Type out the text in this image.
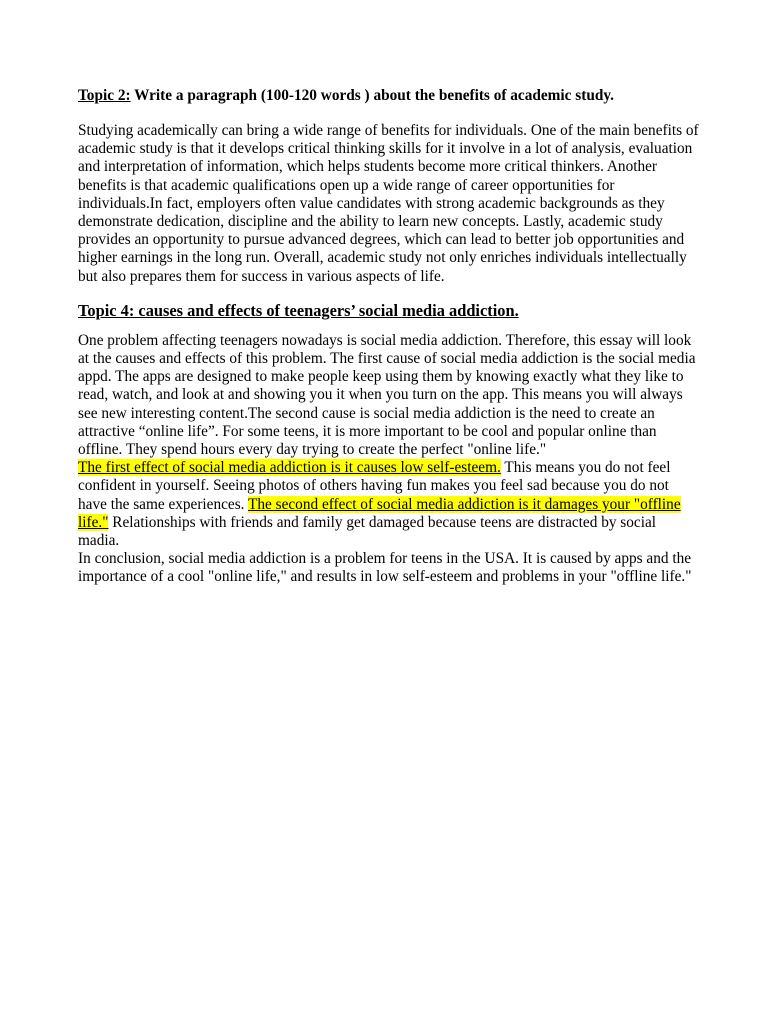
Topic 2: Write a paragraph (100-120 words ) about the benefits of academic study.

Studying academically can bring a wide range of benefits for individuals. One of the main benefits of academic study is that it develops critical thinking skills for it involve in a lot of analysis, evaluation and interpretation of information, which helps students become more critical thinkers. Another benefits is that academic qualifications open up a wide range of career opportunities for individuals.In fact, employers often value candidates with strong academic backgrounds as they demonstrate dedication, discipline and the ability to learn new concepts. Lastly, academic study provides an opportunity to pursue advanced degrees, which can lead to better job opportunities and higher earnings in the long run. Overall, academic study not only enriches individuals intellectually but also prepares them for success in various aspects of life.

Topic 4: causes and effects of teenagers’ social media addiction.

One problem affecting teenagers nowadays is social media addiction. Therefore, this essay will look at the causes and effects of this problem. The first cause of social media addiction is the social media appd. The apps are designed to make people keep using them by knowing exactly what they like to read, watch, and look at and showing you it when you turn on the app. This means you will always see new interesting content.The second cause is social media addiction is the need to create an attractive “online life”. For some teens, it is more important to be cool and popular online than offline. They spend hours every day trying to create the perfect "online life."
The first effect of social media addiction is it causes low self-esteem. This means you do not feel confident in yourself. Seeing photos of others having fun makes you feel sad because you do not have the same experiences. The second effect of social media addiction is it damages your "offline life." Relationships with friends and family get damaged because teens are distracted by social madia.
In conclusion, social media addiction is a problem for teens in the USA. It is caused by apps and the importance of a cool "online life," and results in low self-esteem and problems in your "offline life."
